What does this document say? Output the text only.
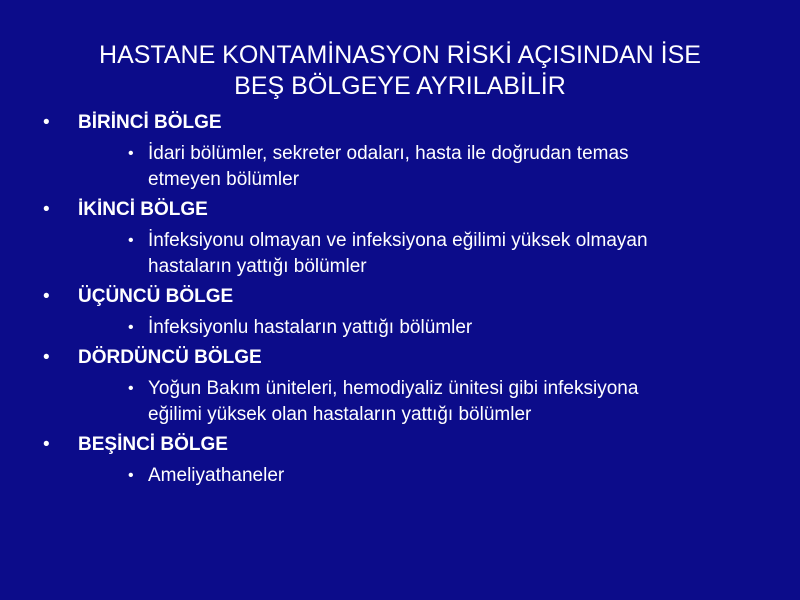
HASTANE KONTAMİNASYON RİSKİ AÇISINDAN İSE
BEŞ BÖLGEYE AYRILABİLİR
• BİRİNCİ BÖLGE
• İdari bölümler, sekreter odaları, hasta ile doğrudan temas
etmeyen bölümler
• İKİNCİ BÖLGE
• İnfeksiyonu olmayan ve infeksiyona eğilimi yüksek olmayan
hastaların yattığı bölümler
• ÜÇÜNCÜ BÖLGE
• İnfeksiyonlu hastaların yattığı bölümler
• DÖRDÜNCÜ BÖLGE
• Yoğun Bakım üniteleri, hemodiyaliz ünitesi gibi infeksiyona
eğilimi yüksek olan hastaların yattığı bölümler
• BEŞİNCİ BÖLGE
• Ameliyathaneler
